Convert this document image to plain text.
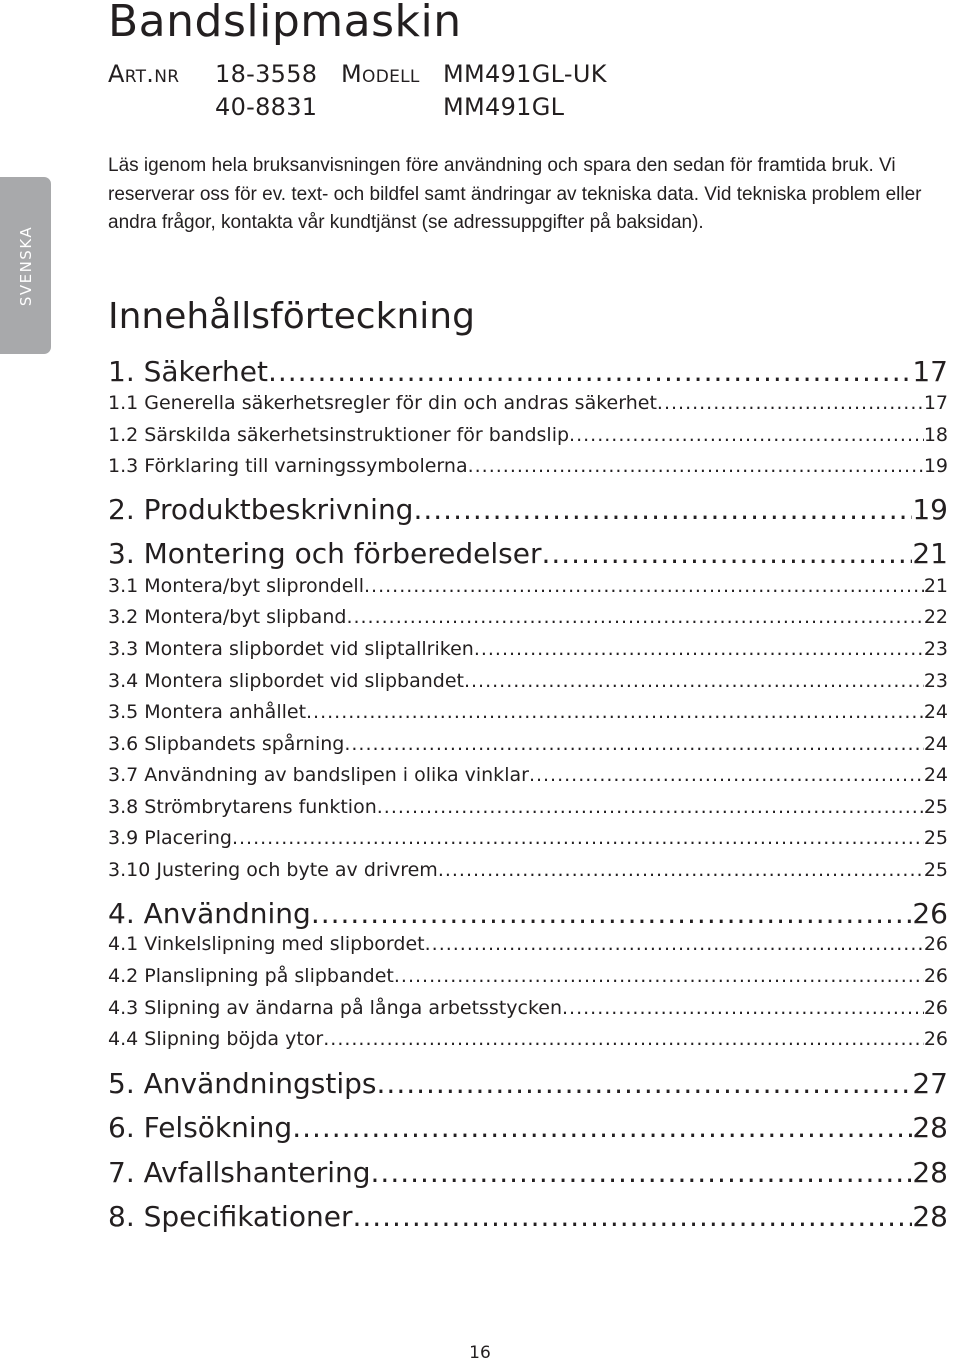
SVENSKA
Bandslipmaskin
Art.nr 18-3558
40-8831
Modell MM491GL-UK
MM491GL

Läs igenom hela bruksanvisningen före användning och spara den sedan för framtida bruk. Vi reserverar oss för ev. text- och bildfel samt ändringar av tekniska data. Vid tekniska problem eller andra frågor, kontakta vår kundtjänst (se adressuppgifter på baksidan).

Innehållsförteckning
1. Säkerhet .....	17
1.1 Generella säkerhetsregler för din och andras säkerhet .....	17
1.2 Särskilda säkerhetsinstruktioner för bandslip .....	18
1.3 Förklaring till varningssymbolerna .....	19
2. Produktbeskrivning .....	19
3. Montering och förberedelser .....	21
3.1 Montera/byt sliprondell .....	21
3.2 Montera/byt slipband .....	22
3.3 Montera slipbordet vid sliptallriken .....	23
3.4 Montera slipbordet vid slipbandet .....	23
3.5 Montera anhållet .....	24
3.6 Slipbandets spårning .....	24
3.7 Användning av bandslipen i olika vinklar .....	24
3.8 Strömbrytarens funktion .....	25
3.9 Placering .....	25
3.10 Justering och byte av drivrem .....	25
4. Användning .....	26
4.1 Vinkelslipning med slipbordet .....	26
4.2 Planslipning på slipbandet .....	26
4.3 Slipning av ändarna på långa arbetsstycken .....	26
4.4 Slipning böjda ytor .....	26
5. Användningstips .....	27
6. Felsökning .....	28
7. Avfallshantering .....	28
8. Specifikationer .....	28
16
